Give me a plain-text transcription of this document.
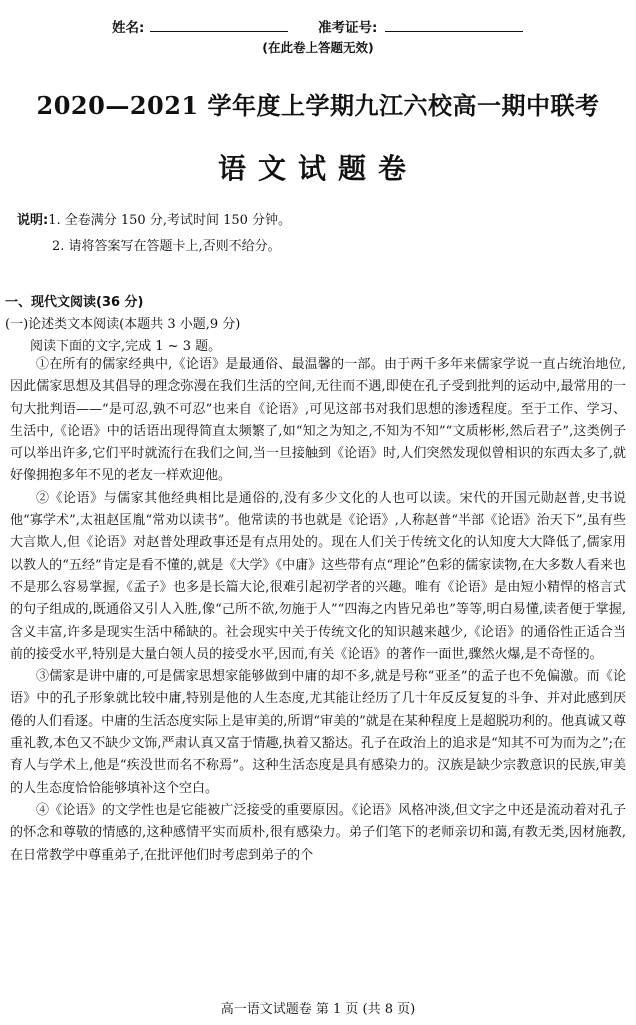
姓名:	准考证号:
(在此卷上答题无效)
2020—2021 学年度上学期九江六校高一期中联考
语文试题卷
说明:1. 全卷满分 150 分,考试时间 150 分钟。
2. 请将答案写在答题卡上,否则不给分。
一、现代文阅读(36 分)
(一)论述类文本阅读(本题共 3 小题,9 分)
阅读下面的文字,完成 1 ~ 3 题。

①在所有的儒家经典中,《论语》是最通俗、最温馨的一部。由于两千多年来儒家学说一直占统治地位,因此儒家思想及其倡导的理念弥漫在我们生活的空间,无往而不遇,即使在孔子受到批判的运动中,最常用的一句大批判语——“是可忍,孰不可忍”也来自《论语》,可见这部书对我们思想的渗透程度。至于工作、学习、生活中,《论语》中的话语出现得简直太频繁了,如“知之为知之,不知为不知”“文质彬彬,然后君子”,这类例子可以举出许多,它们平时就流行在我们之间,当一旦接触到《论语》时,人们突然发现似曾相识的东西太多了,就好像拥抱多年不见的老友一样欢迎他。

②《论语》与儒家其他经典相比是通俗的,没有多少文化的人也可以读。宋代的开国元勋赵普,史书说他“寡学术”,太祖赵匡胤“常劝以读书”。他常读的书也就是《论语》,人称赵普“半部《论语》治天下”,虽有些大言欺人,但《论语》对赵普处理政事还是有点用处的。现在人们关于传统文化的认知度大大降低了,儒家用以教人的“五经”肯定是看不懂的,就是《大学》《中庸》这些带有点“理论”色彩的儒家读物,在大多数人看来也不是那么容易掌握,《孟子》也多是长篇大论,很难引起初学者的兴趣。唯有《论语》是由短小精悍的格言式的句子组成的,既通俗又引人入胜,像“己所不欲,勿施于人”“四海之内皆兄弟也”等等,明白易懂,读者便于掌握,含义丰富,许多是现实生活中稀缺的。社会现实中关于传统文化的知识越来越少,《论语》的通俗性正适合当前的接受水平,特别是大量白领人员的接受水平,因而,有关《论语》的著作一面世,骤然火爆,是不奇怪的。

③儒家是讲中庸的,可是儒家思想家能够做到中庸的却不多,就是号称“亚圣”的孟子也不免偏激。而《论语》中的孔子形象就比较中庸,特别是他的人生态度,尤其能让经历了几十年反反复复的斗争、并对此感到厌倦的人们看逐。中庸的生活态度实际上是审美的,所谓“审美的”就是在某种程度上是超脱功利的。他真诚又尊重礼教,本色又不缺少文饰,严肃认真又富于情趣,执着又豁达。孔子在政治上的追求是“知其不可为而为之”;在育人与学术上,他是“疾没世而名不称焉”。这种生活态度是具有感染力的。汉族是缺少宗教意识的民族,审美的人生态度恰恰能够填补这个空白。

④《论语》的文学性也是它能被广泛接受的重要原因。《论语》风格冲淡,但文字之中还是流动着对孔子的怀念和尊敬的情感的,这种感情平实而质朴,很有感染力。弟子们笔下的老师亲切和蔼,有教无类,因材施教,在日常教学中尊重弟子,在批评他们时考虑到弟子的个

高一语文试题卷 第 1 页 (共 8 页)
